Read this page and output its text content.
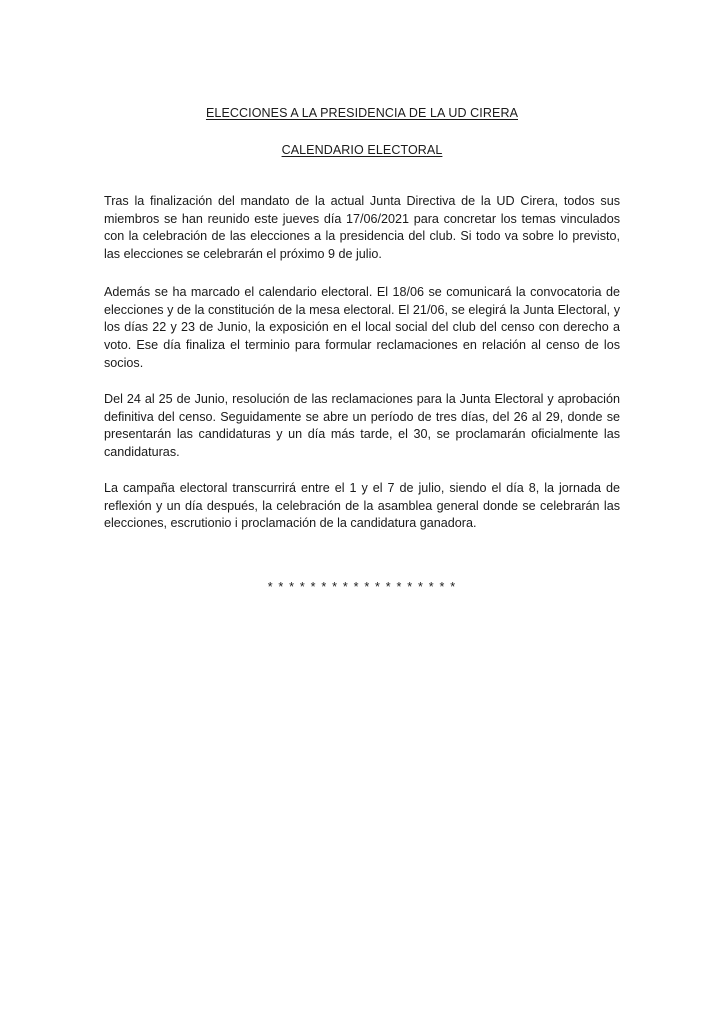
ELECCIONES A LA PRESIDENCIA DE LA UD CIRERA
CALENDARIO ELECTORAL

Tras la finalización del mandato de la actual Junta Directiva de la UD Cirera, todos sus miembros se han reunido este jueves día 17/06/2021 para concretar los temas vinculados con la celebración de las elecciones a la presidencia del club. Si todo va sobre lo previsto, las elecciones se celebrarán el próximo 9 de julio.

Además se ha marcado el calendario electoral. El 18/06 se comunicará la convocatoria de elecciones y de la constitución de la mesa electoral. El 21/06, se elegirá la Junta Electoral, y los días 22 y 23 de Junio, la exposición en el local social del club del censo con derecho a voto. Ese día finaliza el terminio para formular reclamaciones en relación al censo de los socios.

Del 24 al 25 de Junio, resolución de las reclamaciones para la Junta Electoral y aprobación definitiva del censo. Seguidamente se abre un período de tres días, del 26 al 29, donde se presentarán las candidaturas y un día más tarde, el 30, se proclamarán oficialmente las candidaturas.

La campaña electoral transcurrirá entre el 1 y el 7 de julio, siendo el día 8, la jornada de reflexión y un día después, la celebración de la asamblea general donde se celebrarán las elecciones, escrutionio i proclamación de la candidatura ganadora.

* * * * * * * * * * * * * * * * * *
